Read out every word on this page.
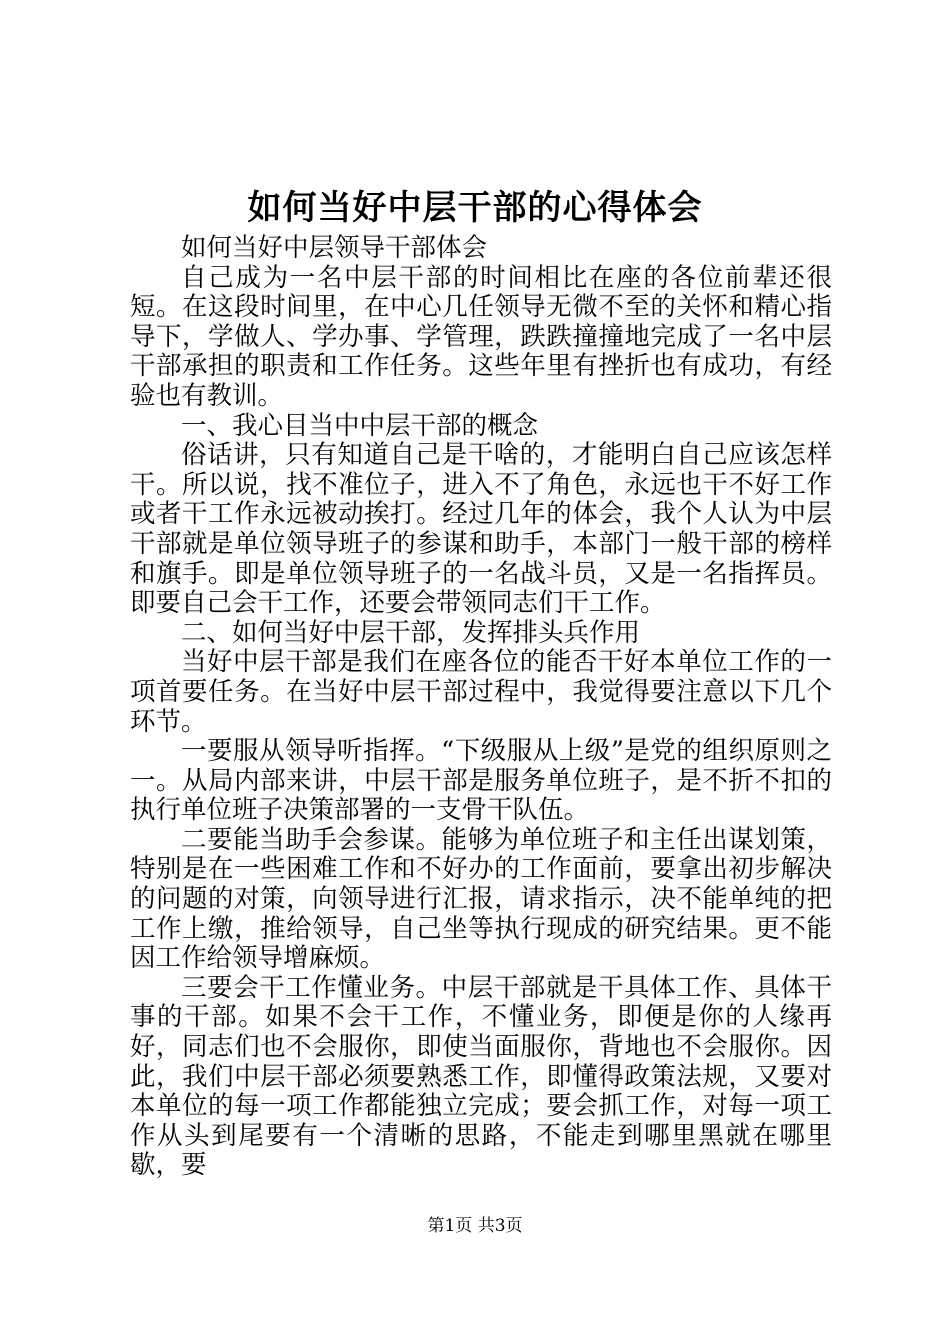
如何当好中层干部的心得体会

如何当好中层领导干部体会

自己成为一名中层干部的时间相比在座的各位前辈还很短。在这段时间里，在中心几任领导无微不至的关怀和精心指导下，学做人、学办事、学管理，跌跌撞撞地完成了一名中层干部承担的职责和工作任务。这些年里有挫折也有成功，有经验也有教训。

一、我心目当中中层干部的概念

俗话讲，只有知道自己是干啥的，才能明白自己应该怎样干。所以说，找不准位子，进入不了角色，永远也干不好工作或者干工作永远被动挨打。经过几年的体会，我个人认为中层干部就是单位领导班子的参谋和助手，本部门一般干部的榜样和旗手。即是单位领导班子的一名战斗员，又是一名指挥员。即要自己会干工作，还要会带领同志们干工作。

二、如何当好中层干部，发挥排头兵作用

当好中层干部是我们在座各位的能否干好本单位工作的一项首要任务。在当好中层干部过程中，我觉得要注意以下几个环节。

一要服从领导听指挥。“下级服从上级”是党的组织原则之一。从局内部来讲，中层干部是服务单位班子，是不折不扣的执行单位班子决策部署的一支骨干队伍。

二要能当助手会参谋。能够为单位班子和主任出谋划策，特别是在一些困难工作和不好办的工作面前，要拿出初步解决的问题的对策，向领导进行汇报，请求指示，决不能单纯的把工作上缴，推给领导，自己坐等执行现成的研究结果。更不能因工作给领导增麻烦。

三要会干工作懂业务。中层干部就是干具体工作、具体干事的干部。如果不会干工作，不懂业务，即便是你的人缘再好，同志们也不会服你，即使当面服你，背地也不会服你。因此，我们中层干部必须要熟悉工作，即懂得政策法规，又要对本单位的每一项工作都能独立完成；要会抓工作，对每一项工作从头到尾要有一个清晰的思路，不能走到哪里黑就在哪里歇，要

第1页 共3页
